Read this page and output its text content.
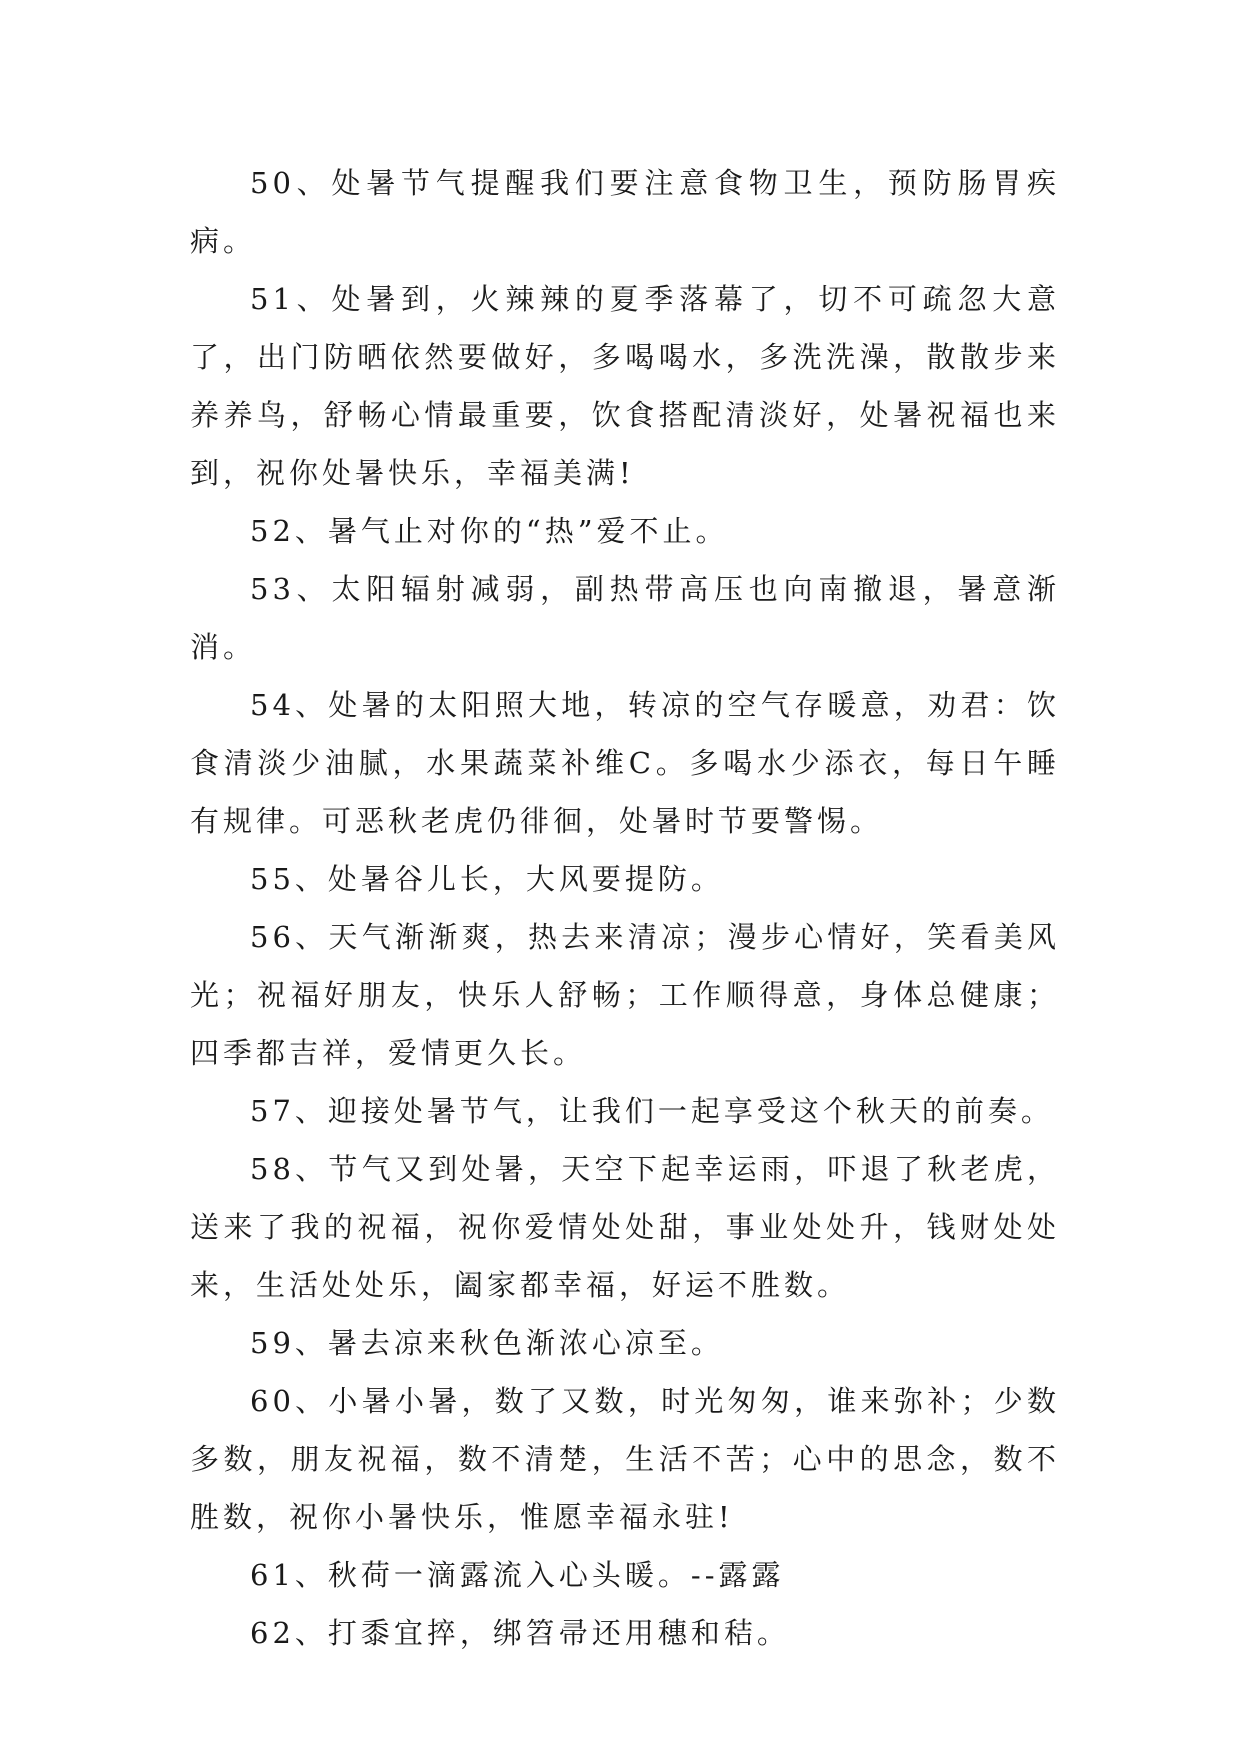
50、处暑节气提醒我们要注意食物卫生，预防肠胃疾病。

51、处暑到，火辣辣的夏季落幕了，切不可疏忽大意了，出门防晒依然要做好，多喝喝水，多洗洗澡，散散步来养养鸟，舒畅心情最重要，饮食搭配清淡好，处暑祝福也来到，祝你处暑快乐，幸福美满!

52、暑气止对你的“热”爱不止。

53、太阳辐射减弱，副热带高压也向南撤退，暑意渐消。

54、处暑的太阳照大地，转凉的空气存暖意，劝君：饮食清淡少油腻，水果蔬菜补维C。多喝水少添衣，每日午睡有规律。可恶秋老虎仍徘徊，处暑时节要警惕。

55、处暑谷儿长，大风要提防。

56、天气渐渐爽，热去来清凉；漫步心情好，笑看美风光；祝福好朋友，快乐人舒畅；工作顺得意，身体总健康；四季都吉祥，爱情更久长。

57、迎接处暑节气，让我们一起享受这个秋天的前奏。

58、节气又到处暑，天空下起幸运雨，吓退了秋老虎，送来了我的祝福，祝你爱情处处甜，事业处处升，钱财处处来，生活处处乐，阖家都幸福，好运不胜数。

59、暑去凉来秋色渐浓心凉至。

60、小暑小暑，数了又数，时光匆匆，谁来弥补；少数多数，朋友祝福，数不清楚，生活不苦；心中的思念，数不胜数，祝你小暑快乐，惟愿幸福永驻!

61、秋荷一滴露流入心头暖。--露露

62、打黍宜捽，绑笤帚还用穗和秸。
